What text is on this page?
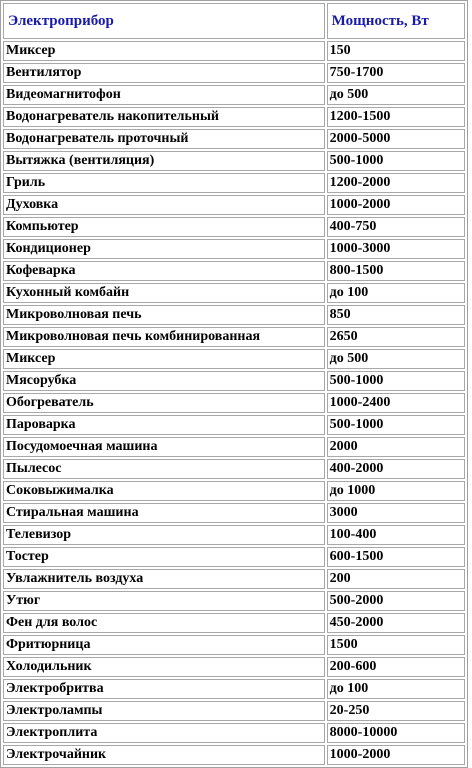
Электроприбор	Мощность, Вт
Миксер	150
Вентилятор	750-1700
Видеомагнитофон	до 500
Водонагреватель накопительный	1200-1500
Водонагреватель проточный	2000-5000
Вытяжка (вентиляция)	500-1000
Гриль	1200-2000
Духовка	1000-2000
Компьютер	400-750
Кондиционер	1000-3000
Кофеварка	800-1500
Кухонный комбайн	до 100
Микроволновая печь	850
Микроволновая печь комбинированная	2650
Миксер	до 500
Мясорубка	500-1000
Обогреватель	1000-2400
Пароварка	500-1000
Посудомоечная машина	2000
Пылесос	400-2000
Соковыжималка	до 1000
Стиральная машина	3000
Телевизор	100-400
Тостер	600-1500
Увлажнитель воздуха	200
Утюг	500-2000
Фен для волос	450-2000
Фритюрница	1500
Холодильник	200-600
Электробритва	до 100
Электролампы	20-250
Электроплита	8000-10000
Электрочайник	1000-2000
